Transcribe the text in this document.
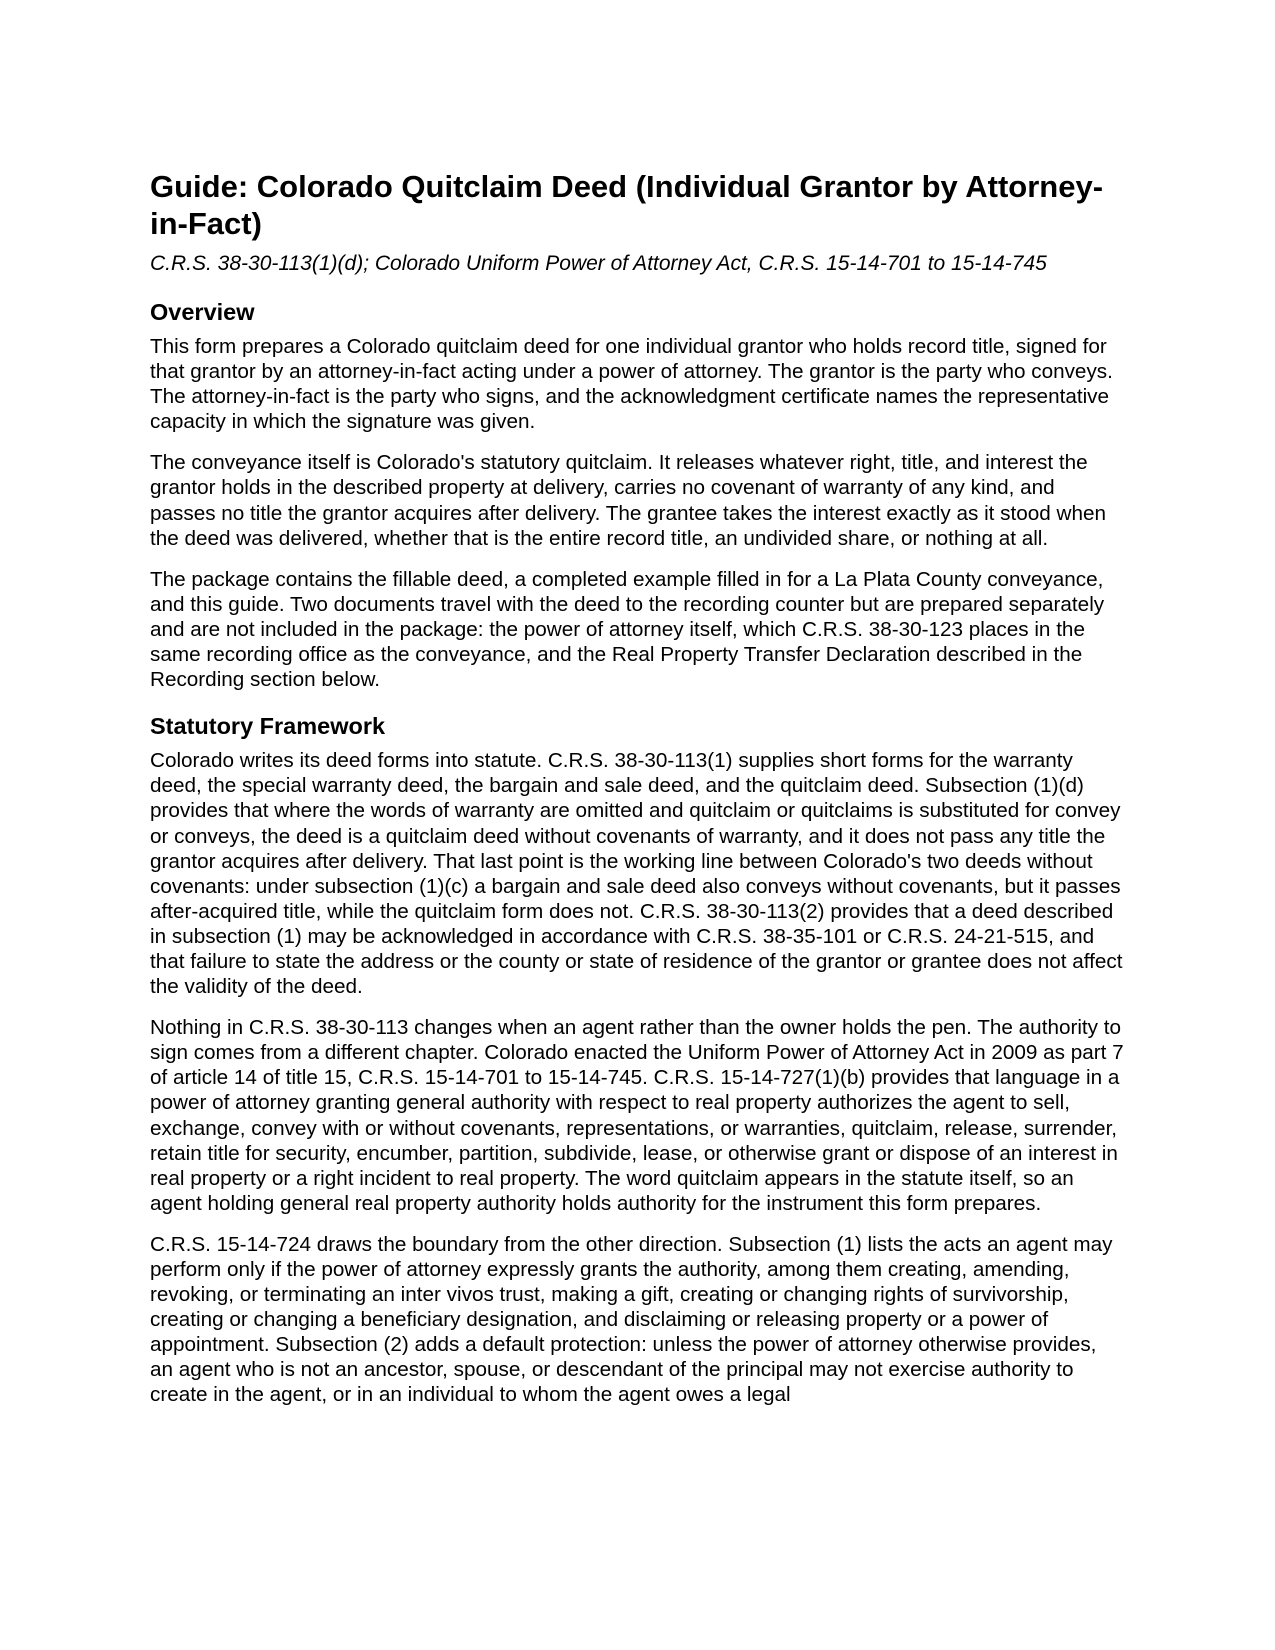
Guide: Colorado Quitclaim Deed (Individual Grantor by Attorney-in-Fact)
C.R.S. 38-30-113(1)(d); Colorado Uniform Power of Attorney Act, C.R.S. 15-14-701 to 15-14-745
Overview

This form prepares a Colorado quitclaim deed for one individual grantor who holds record title, signed for that grantor by an attorney-in-fact acting under a power of attorney. The grantor is the party who conveys. The attorney-in-fact is the party who signs, and the acknowledgment certificate names the representative capacity in which the signature was given.

The conveyance itself is Colorado's statutory quitclaim. It releases whatever right, title, and interest the grantor holds in the described property at delivery, carries no covenant of warranty of any kind, and passes no title the grantor acquires after delivery. The grantee takes the interest exactly as it stood when the deed was delivered, whether that is the entire record title, an undivided share, or nothing at all.

The package contains the fillable deed, a completed example filled in for a La Plata County conveyance, and this guide. Two documents travel with the deed to the recording counter but are prepared separately and are not included in the package: the power of attorney itself, which C.R.S. 38-30-123 places in the same recording office as the conveyance, and the Real Property Transfer Declaration described in the Recording section below.

Statutory Framework

Colorado writes its deed forms into statute. C.R.S. 38-30-113(1) supplies short forms for the warranty deed, the special warranty deed, the bargain and sale deed, and the quitclaim deed. Subsection (1)(d) provides that where the words of warranty are omitted and quitclaim or quitclaims is substituted for convey or conveys, the deed is a quitclaim deed without covenants of warranty, and it does not pass any title the grantor acquires after delivery. That last point is the working line between Colorado's two deeds without covenants: under subsection (1)(c) a bargain and sale deed also conveys without covenants, but it passes after-acquired title, while the quitclaim form does not. C.R.S. 38-30-113(2) provides that a deed described in subsection (1) may be acknowledged in accordance with C.R.S. 38-35-101 or C.R.S. 24-21-515, and that failure to state the address or the county or state of residence of the grantor or grantee does not affect the validity of the deed.

Nothing in C.R.S. 38-30-113 changes when an agent rather than the owner holds the pen. The authority to sign comes from a different chapter. Colorado enacted the Uniform Power of Attorney Act in 2009 as part 7 of article 14 of title 15, C.R.S. 15-14-701 to 15-14-745. C.R.S. 15-14-727(1)(b) provides that language in a power of attorney granting general authority with respect to real property authorizes the agent to sell, exchange, convey with or without covenants, representations, or warranties, quitclaim, release, surrender, retain title for security, encumber, partition, subdivide, lease, or otherwise grant or dispose of an interest in real property or a right incident to real property. The word quitclaim appears in the statute itself, so an agent holding general real property authority holds authority for the instrument this form prepares.

C.R.S. 15-14-724 draws the boundary from the other direction. Subsection (1) lists the acts an agent may perform only if the power of attorney expressly grants the authority, among them creating, amending, revoking, or terminating an inter vivos trust, making a gift, creating or changing rights of survivorship, creating or changing a beneficiary designation, and disclaiming or releasing property or a power of appointment. Subsection (2) adds a default protection: unless the power of attorney otherwise provides, an agent who is not an ancestor, spouse, or descendant of the principal may not exercise authority to create in the agent, or in an individual to whom the agent owes a legal
